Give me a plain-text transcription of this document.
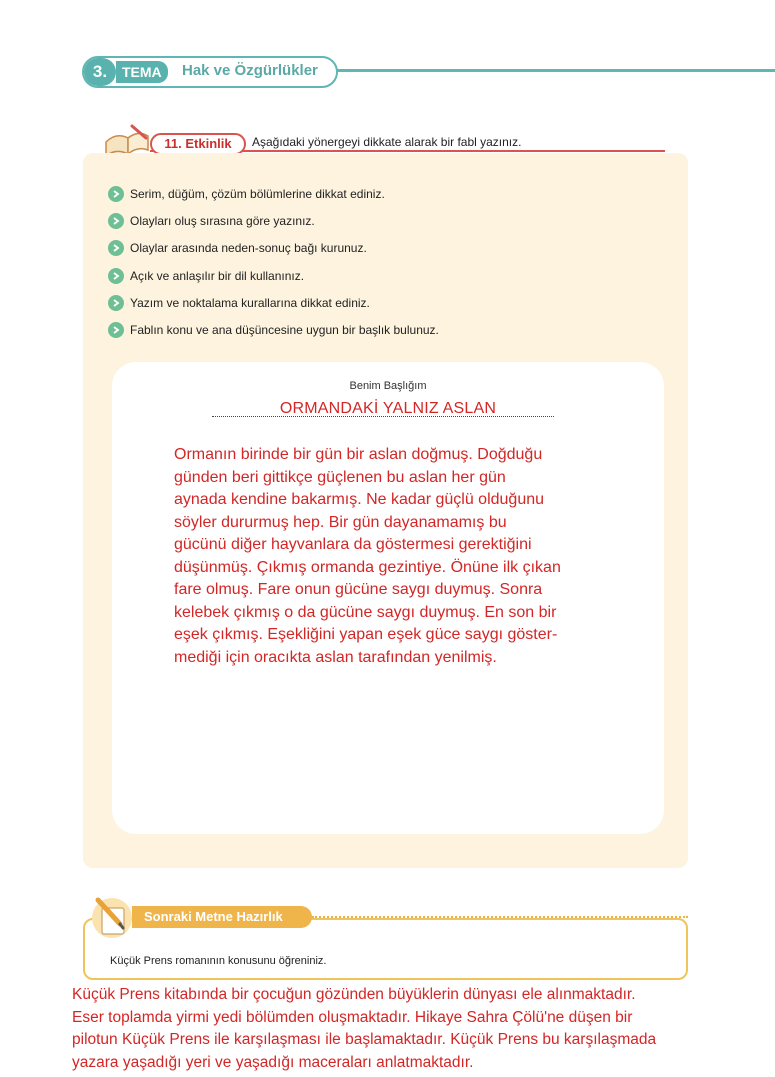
3.	TEMA	Hak ve Özgürlükler
11. Etkinlik	Aşağıdaki yönergeyi dikkate alarak bir fabl yazınız.
Serim, düğüm, çözüm bölümlerine dikkat ediniz.
Olayları oluş sırasına göre yazınız.
Olaylar arasında neden-sonuç bağı kurunuz.
Açık ve anlaşılır bir dil kullanınız.
Yazım ve noktalama kurallarına dikkat ediniz.
Fablın konu ve ana düşüncesine uygun bir başlık bulunuz.
Benim Başlığım
ORMANDAKİ YALNIZ ASLAN
Ormanın birinde bir gün bir aslan doğmuş. Doğduğu
günden beri gittikçe güçlenen bu aslan her gün
aynada kendine bakarmış. Ne kadar güçlü olduğunu
söyler dururmuş hep. Bir gün dayanamamış bu
gücünü diğer hayvanlara da göstermesi gerektiğini
düşünmüş. Çıkmış ormanda gezintiye. Önüne ilk çıkan
fare olmuş. Fare onun gücüne saygı duymuş. Sonra
kelebek çıkmış o da gücüne saygı duymuş. En son bir
eşek çıkmış. Eşekliğini yapan eşek güce saygı göster-
mediği için oracıkta aslan tarafından yenilmiş.
Sonraki Metne Hazırlık
Küçük Prens romanının konusunu öğreniniz.
Küçük Prens kitabında bir çocuğun gözünden büyüklerin dünyası ele alınmaktadır.
Eser toplamda yirmi yedi bölümden oluşmaktadır. Hikaye Sahra Çölü'ne düşen bir
pilotun Küçük Prens ile karşılaşması ile başlamaktadır. Küçük Prens bu karşılaşmada
yazara yaşadığı yeri ve yaşadığı maceraları anlatmaktadır.
